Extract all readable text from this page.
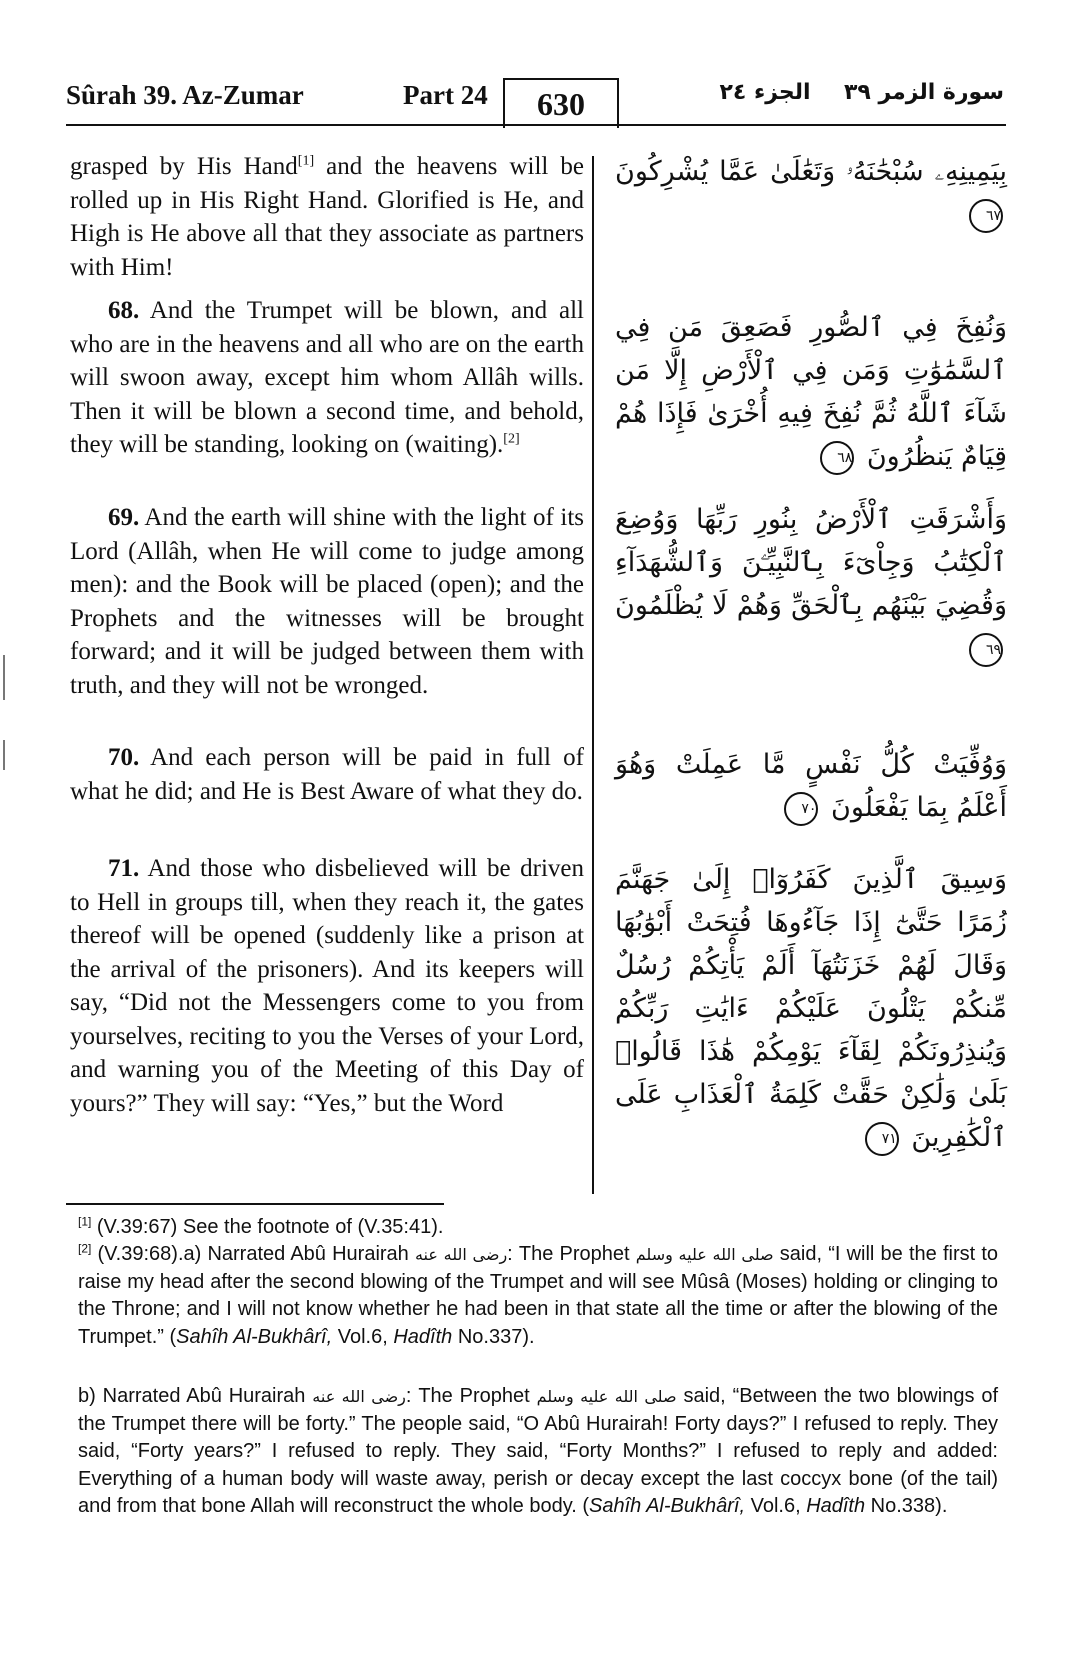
Sûrah 39. Az-Zumar	Part 24	630	الجزء ٢٤	سورة الزمر ٣٩

grasped by His Hand[1] and the heavens will be rolled up in His Right Hand. Glorified is He, and High is He above all that they associate as partners with Him!

68. And the Trumpet will be blown, and all who are in the heavens and all who are on the earth will swoon away, except him whom Allâh wills. Then it will be blown a second time, and behold, they will be standing, looking on (waiting).[2]

69. And the earth will shine with the light of its Lord (Allâh, when He will come to judge among men): and the Book will be placed (open); and the Prophets and the witnesses will be brought forward; and it will be judged between them with truth, and they will not be wronged.

70. And each person will be paid in full of what he did; and He is Best Aware of what they do.

71. And those who disbelieved will be driven to Hell in groups till, when they reach it, the gates thereof will be opened (suddenly like a prison at the arrival of the prisoners). And its keepers will say, “Did not the Messengers come to you from yourselves, reciting to you the Verses of your Lord, and warning you of the Meeting of this Day of yours?” They will say: “Yes,” but the Word

بِيَمِينِهِۦ سُبْحَٰنَهُۥ وَتَعَٰلَىٰ عَمَّا يُشْرِكُونَ ٦٧
وَنُفِخَ فِي ٱلصُّورِ فَصَعِقَ مَن فِي ٱلسَّمَٰوَٰتِ وَمَن فِي ٱلْأَرْضِ إِلَّا مَن شَآءَ ٱللَّهُ ثُمَّ نُفِخَ فِيهِ أُخْرَىٰ فَإِذَا هُمْ قِيَامٌ يَنظُرُونَ ٦٨
وَأَشْرَقَتِ ٱلْأَرْضُ بِنُورِ رَبِّهَا وَوُضِعَ ٱلْكِتَٰبُ وَجِاْىٓءَ بِٱلنَّبِيِّـۧنَ وَٱلشُّهَدَآءِ وَقُضِيَ بَيْنَهُم بِٱلْحَقِّ وَهُمْ لَا يُظْلَمُونَ ٦٩
وَوُفِّيَتْ كُلُّ نَفْسٍ مَّا عَمِلَتْ وَهُوَ أَعْلَمُ بِمَا يَفْعَلُونَ ٧٠
وَسِيقَ ٱلَّذِينَ كَفَرُوٓا۟ إِلَىٰ جَهَنَّمَ زُمَرًا حَتَّىٰٓ إِذَا جَآءُوهَا فُتِحَتْ أَبْوَٰبُهَا وَقَالَ لَهُمْ خَزَنَتُهَآ أَلَمْ يَأْتِكُمْ رُسُلٌ مِّنكُمْ يَتْلُونَ عَلَيْكُمْ ءَايَٰتِ رَبِّكُمْ وَيُنذِرُونَكُمْ لِقَآءَ يَوْمِكُمْ هَٰذَا قَالُوا۟ بَلَىٰ وَلَٰكِنْ حَقَّتْ كَلِمَةُ ٱلْعَذَابِ عَلَى ٱلْكَٰفِرِينَ ٧١

[1] (V.39:67) See the footnote of (V.35:41).

[2] (V.39:68).a) Narrated Abû Hurairah رضى الله عنه: The Prophet صلى الله عليه وسلم said, “I will be the first to raise my head after the second blowing of the Trumpet and will see Mûsâ (Moses) holding or clinging to the Throne; and I will not know whether he had been in that state all the time or after the blowing of the Trumpet.” (Sahîh Al-Bukhârî, Vol.6, Hadîth No.337).

b) Narrated Abû Hurairah رضى الله عنه: The Prophet صلى الله عليه وسلم said, “Between the two blowings of the Trumpet there will be forty.” The people said, “O Abû Hurairah! Forty days?” I refused to reply. They said, “Forty years?” I refused to reply. They said, “Forty Months?” I refused to reply and added: Everything of a human body will waste away, perish or decay except the last coccyx bone (of the tail) and from that bone Allah will reconstruct the whole body. (Sahîh Al-Bukhârî, Vol.6, Hadîth No.338).
